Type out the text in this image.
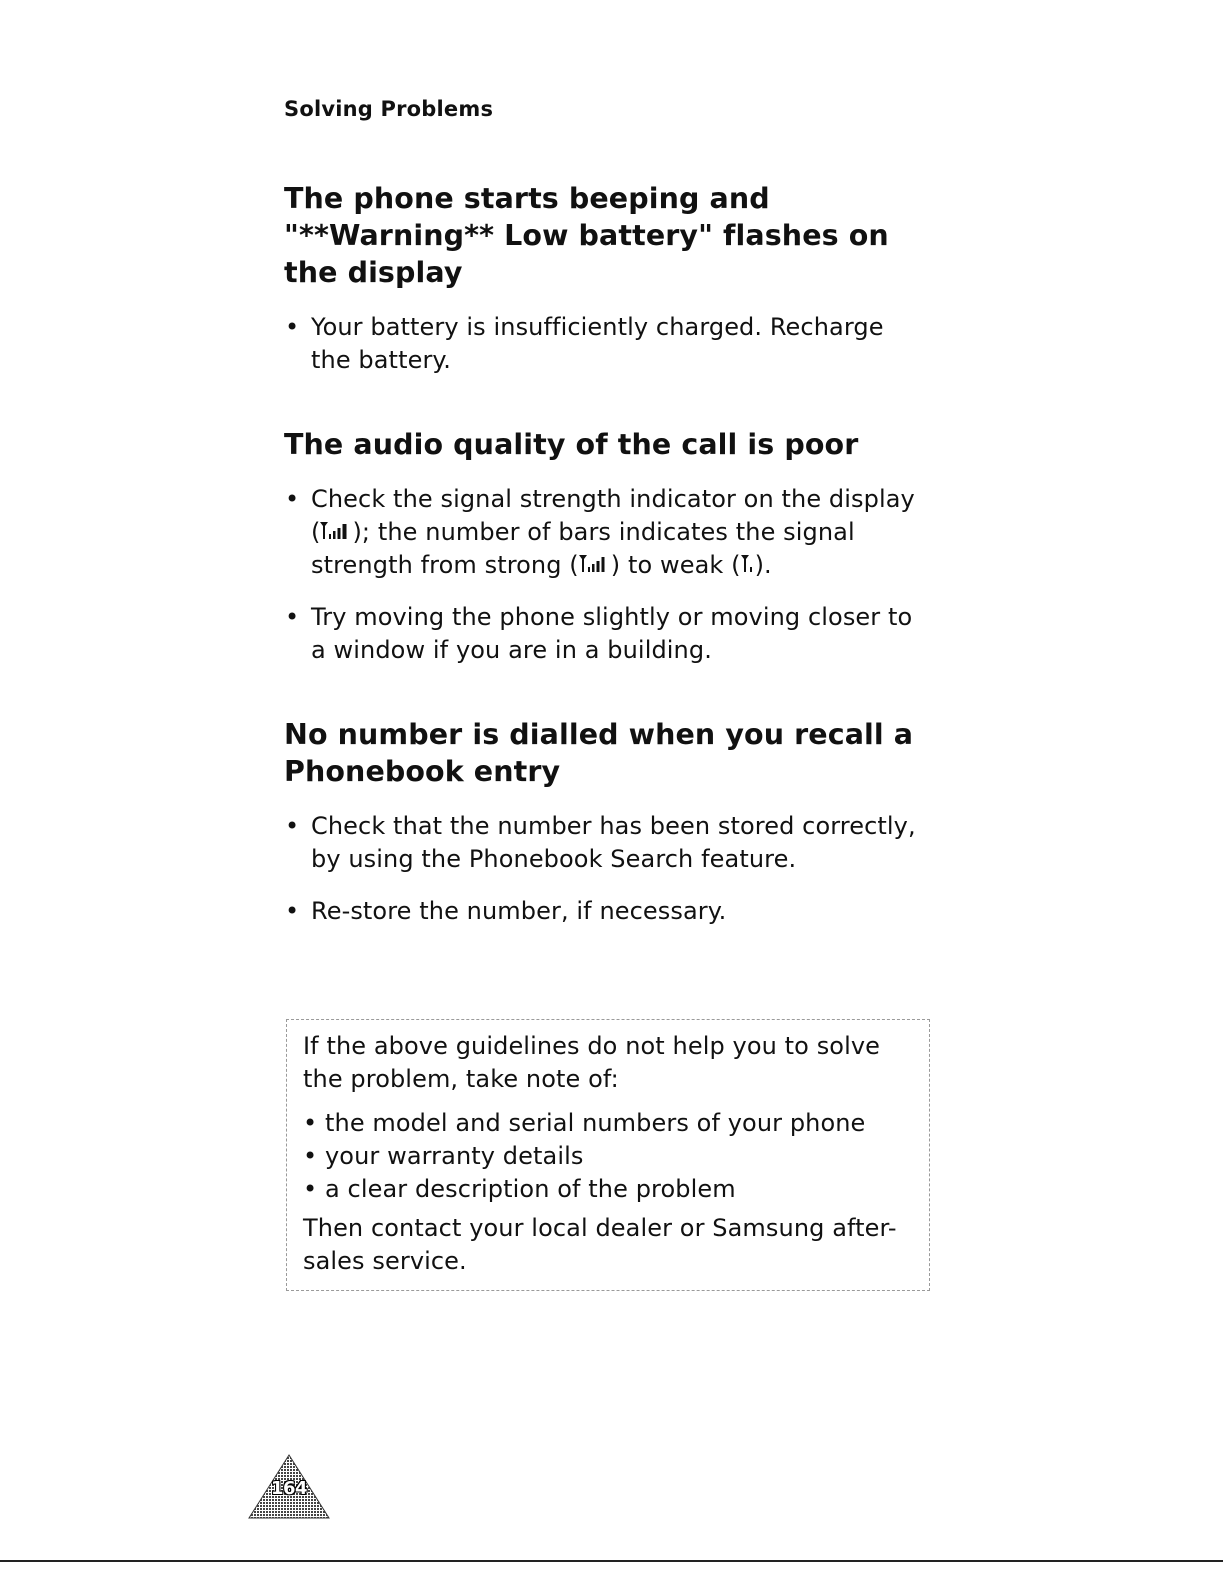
Solving Problems
The phone starts beeping and
"**Warning** Low battery" flashes on
the display
• Your battery is insufficiently charged. Recharge
the battery.
The audio quality of the call is poor
• Check the signal strength indicator on the display
( ); the number of bars indicates the signal
strength from strong ( ) to weak ( ).
• Try moving the phone slightly or moving closer to
a window if you are in a building.
No number is dialled when you recall a
Phonebook entry
• Check that the number has been stored correctly,
by using the Phonebook Search feature.
• Re-store the number, if necessary.
If the above guidelines do not help you to solve
the problem, take note of:
• the model and serial numbers of your phone
• your warranty details
• a clear description of the problem
Then contact your local dealer or Samsung after-
sales service.
164
